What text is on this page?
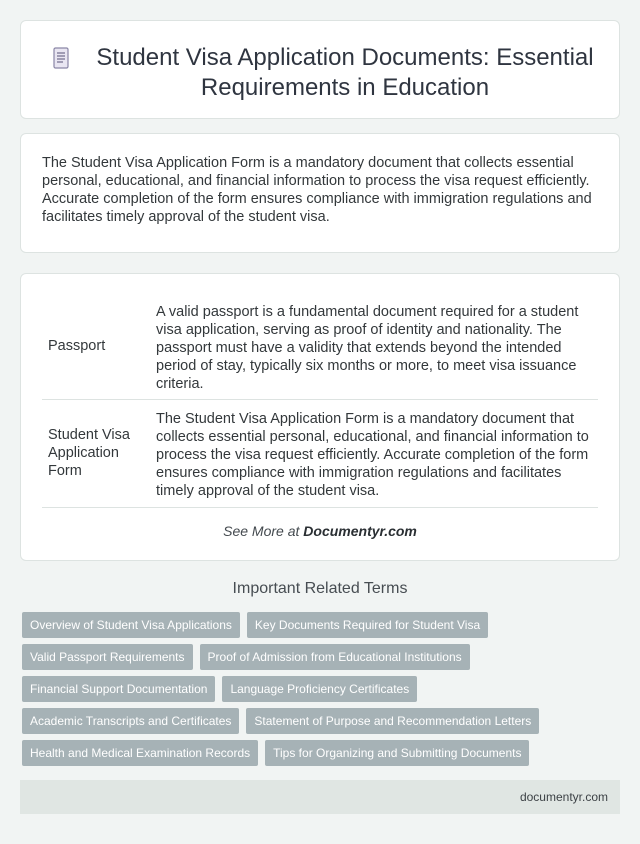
Student Visa Application Documents: Essential Requirements in Education

The Student Visa Application Form is a mandatory document that collects essential personal, educational, and financial information to process the visa request efficiently. Accurate completion of the form ensures compliance with immigration regulations and facilitates timely approval of the student visa.

Passport	A valid passport is a fundamental document required for a student visa application, serving as proof of identity and nationality. The passport must have a validity that extends beyond the intended period of stay, typically six months or more, to meet visa issuance criteria.
Student Visa Application Form	The Student Visa Application Form is a mandatory document that collects essential personal, educational, and financial information to process the visa request efficiently. Accurate completion of the form ensures compliance with immigration regulations and facilitates timely approval of the student visa.
See More at Documentyr.com
Important Related Terms
Overview of Student Visa Applications	Key Documents Required for Student Visa
Valid Passport Requirements	Proof of Admission from Educational Institutions
Financial Support Documentation	Language Proficiency Certificates
Academic Transcripts and Certificates	Statement of Purpose and Recommendation Letters
Health and Medical Examination Records	Tips for Organizing and Submitting Documents
documentyr.com
